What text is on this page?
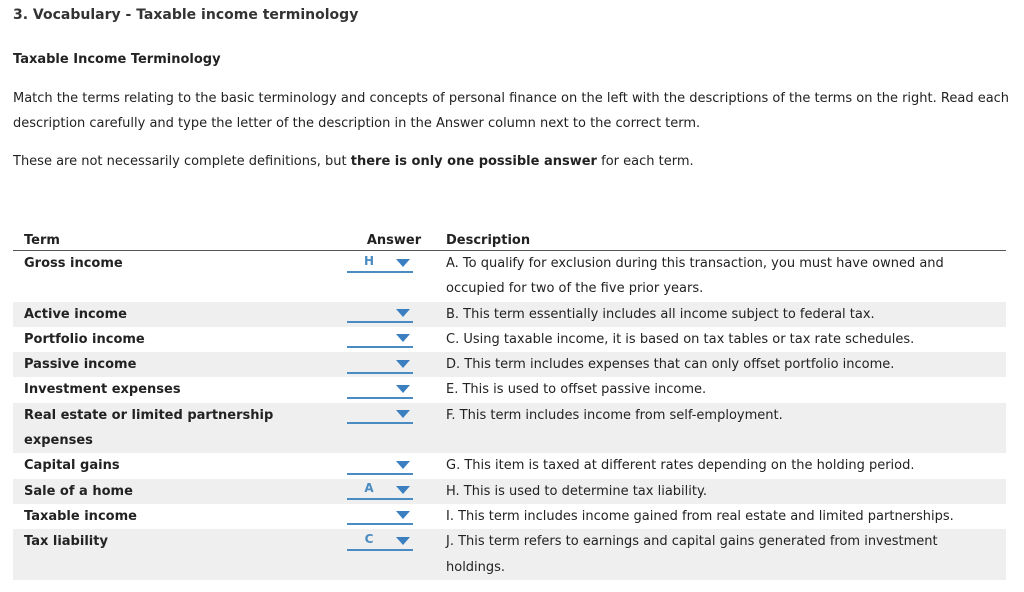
3. Vocabulary - Taxable income terminology
Taxable Income Terminology
Match the terms relating to the basic terminology and concepts of personal finance on the left with the descriptions of the terms on the right. Read each description carefully and type the letter of the description in the Answer column next to the correct term.
These are not necessarily complete definitions, but there is only one possible answer for each term.
Term	Answer	Description
Gross income	H	A. To qualify for exclusion during this transaction, you must have owned and
		occupied for two of the five prior years.
Active income		B. This term essentially includes all income subject to federal tax.
Portfolio income		C. Using taxable income, it is based on tax tables or tax rate schedules.
Passive income		D. This term includes expenses that can only offset portfolio income.
Investment expenses		E. This is used to offset passive income.
Real estate or limited partnership		F. This term includes income from self-employment.
expenses		
Capital gains		G. This item is taxed at different rates depending on the holding period.
Sale of a home	A	H. This is used to determine tax liability.
Taxable income		I. This term includes income gained from real estate and limited partnerships.
Tax liability	C	J. This term refers to earnings and capital gains generated from investment
		holdings.
